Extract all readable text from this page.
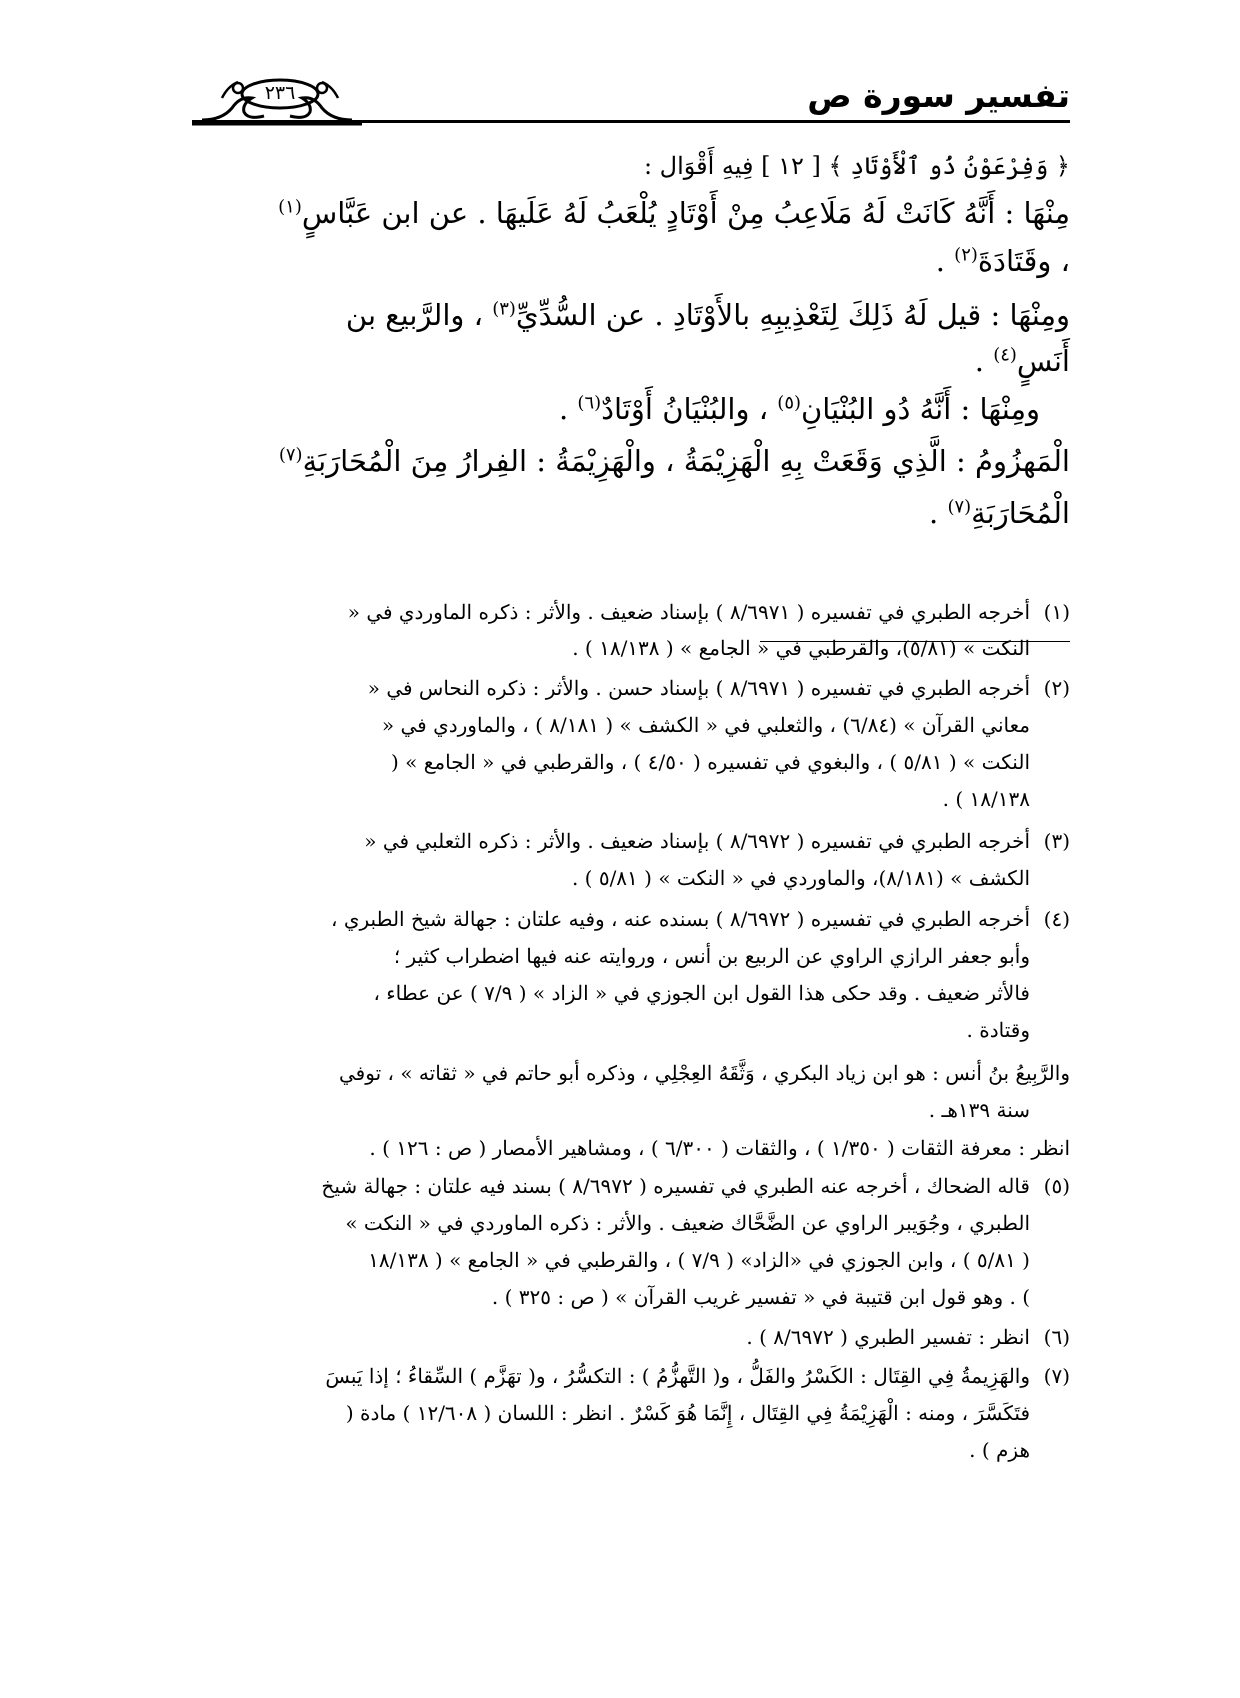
تفسير سورة ص
٢٣٦
﴿ وَفِرْعَوْنُ ذُو ٱلْأَوْتَادِ ﴾ [ ١٢ ] فِيهِ أَقْوَال :
مِنْهَا : أَنَّهُ كَانَتْ لَهُ مَلَاعِبُ مِنْ أَوْتَادٍ يُلْعَبُ لَهُ عَلَيهَا . عن ابن عَبَّاسٍ$^{(١)}$
، وقَتَادَةَ$^{(٢)}$ .
ومِنْهَا : قيل لَهُ ذَلِكَ لِتَعْذِيبِهِ بالأَوْتَادِ . عن السُّدِّيِّ$^{(٣)}$ ، والرَّبيع بن
أَنَسٍ$^{(٤)}$ .
ومِنْهَا : أَنَّهُ دُو البُنْيَانِ$^{(٥)}$ ، والبُنْيَانُ أَوْتَادٌ$^{(٦)}$ .
الْمَهزُومُ : الَّذِي وَقَعَتْ بِهِ الْهَزِيْمَةُ ، والْهَزِيْمَةُ : الفِرارُ مِنَ الْمُحَارَبَةِ$^{(٧)}$
الْمُحَارَبَةِ$^{(٧)}$ .
(١)
أخرجه الطبري في تفسيره ( ٨/٦٩٧١ ) بإسناد ضعيف . والأثر : ذكره الماوردي في «
النكت » (٥/٨١)، والقرطبي في « الجامع » ( ١٨/١٣٨ ) .
(٢)
أخرجه الطبري في تفسيره ( ٨/٦٩٧١ ) بإسناد حسن . والأثر : ذكره النحاس في «
معاني القرآن » (٦/٨٤) ، والثعلبي في « الكشف » ( ٨/١٨١ ) ، والماوردي في «
النكت » ( ٥/٨١ ) ، والبغوي في تفسيره ( ٤/٥٠ ) ، والقرطبي في « الجامع » (
١٨/١٣٨ ) .
(٣)
أخرجه الطبري في تفسيره ( ٨/٦٩٧٢ ) بإسناد ضعيف . والأثر : ذكره الثعلبي في «
الكشف » (٨/١٨١)، والماوردي في « النكت » ( ٥/٨١ ) .
(٤)
أخرجه الطبري في تفسيره ( ٨/٦٩٧٢ ) بسنده عنه ، وفيه علتان : جهالة شيخ الطبري ،
وأبو جعفر الرازي الراوي عن الربيع بن أنس ، وروايته عنه فيها اضطراب كثير ؛
فالأثر ضعيف . وقد حكى هذا القول ابن الجوزي في « الزاد » ( ٧/٩ ) عن عطاء ،
وقتادة .
والرَّبِيعُ بنُ أنس : هو ابن زياد البكري ، وَثَّقَهُ العِجْلِي ، وذكره أبو حاتم في « ثقاته » ، توفي
سنة ١٣٩هـ .
انظر : معرفة الثقات ( ١/٣٥٠ ) ، والثقات ( ٦/٣٠٠ ) ، ومشاهير الأمصار ( ص : ١٢٦ ) .
(٥)
قاله الضحاك ، أخرجه عنه الطبري في تفسيره ( ٨/٦٩٧٢ ) بسند فيه علتان : جهالة شيخ
الطبري ، وجُوَيبر الراوي عن الضَّحَّاك ضعيف . والأثر : ذكره الماوردي في « النكت »
( ٥/٨١ ) ، وابن الجوزي في «الزاد» ( ٧/٩ ) ، والقرطبي في « الجامع » ( ١٨/١٣٨
) . وهو قول ابن قتيبة في « تفسير غريب القرآن » ( ص : ٣٢٥ ) .
(٦)
انظر : تفسير الطبري ( ٨/٦٩٧٢ ) .
(٧)
والهَزِيمةُ فِي القِتَال : الكَسْرُ والفَلُّ ، و( التَّهزُّمُ ) : التكسُّرُ ، و( تهَزَّم ) السِّقاءُ ؛ إذا يَبسَ
فتَكَسَّرَ ، ومنه : الْهَزِيْمَةُ فِي القِتَال ، إِنَّمَا هُوَ كَسْرٌ . انظر : اللسان ( ١٢/٦٠٨ ) مادة (
هزم ) .
